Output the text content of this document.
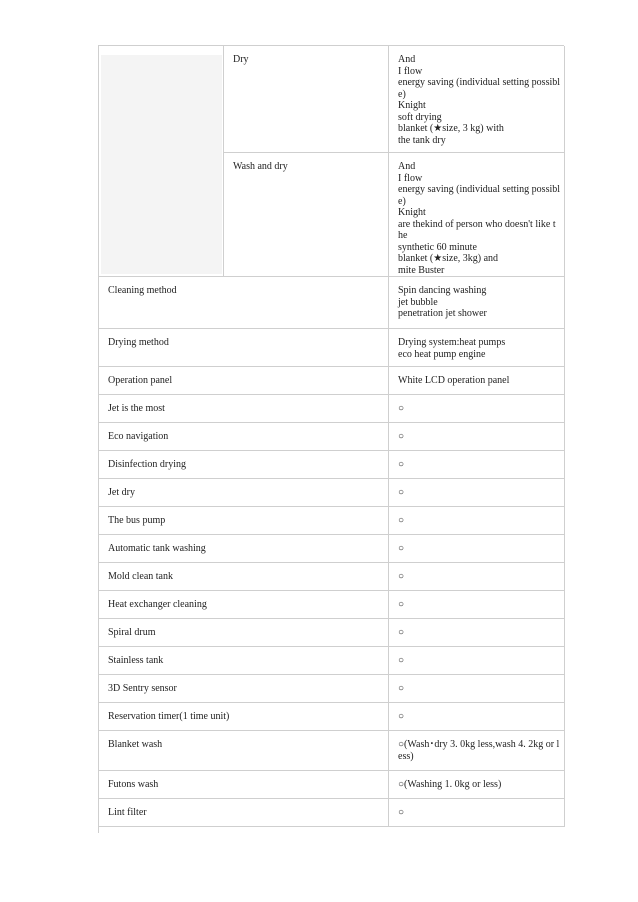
Dry	And
I flow
energy saving (individual setting possibl
e)
Knight
soft drying
blanket (★size, 3 kg) with
the tank dry
Wash and dry	And
I flow
energy saving (individual setting possibl
e)
Knight
are thekind of person who doesn't like t
he
synthetic 60 minute
blanket (★size, 3kg) and
mite Buster
Cleaning method	Spin dancing washing
jet bubble
penetration jet shower
Drying method	Drying system:heat pumps
eco heat pump engine
Operation panel	White LCD operation panel
Jet is the most	○
Eco navigation	○
Disinfection drying	○
Jet dry	○
The bus pump	○
Automatic tank washing	○
Mold clean tank	○
Heat exchanger cleaning	○
Spiral drum	○
Stainless tank	○
3D Sentry sensor	○
Reservation timer(1 time unit)	○
Blanket wash	○(Wash･dry 3. 0kg less,wash 4. 2kg or l
ess)
Futons wash	○(Washing 1. 0kg or less)
Lint filter	○
